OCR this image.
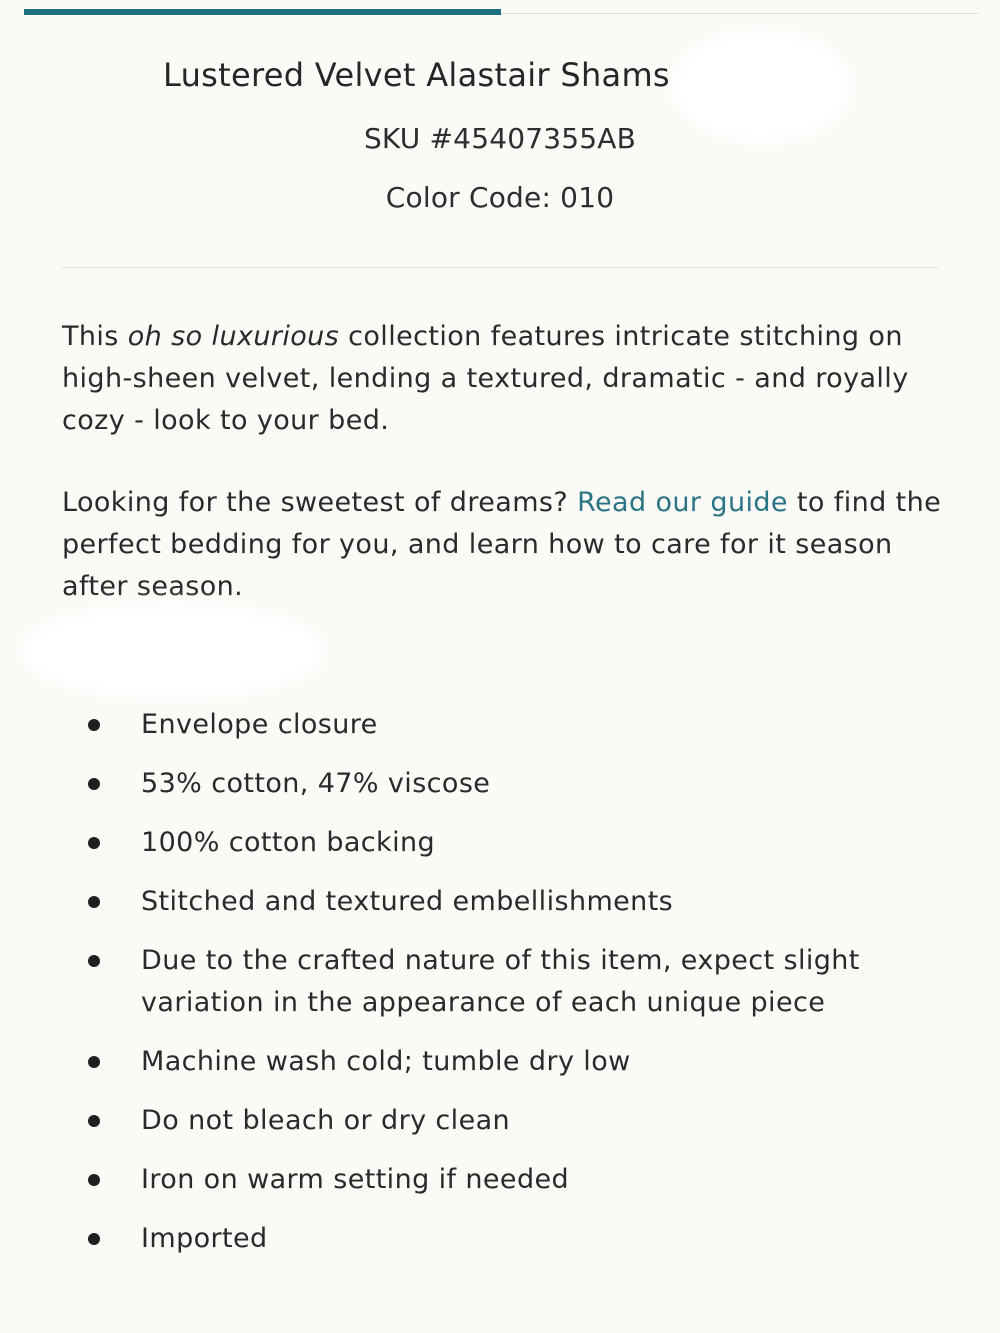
Lustered Velvet Alastair Shams

SKU #45407355AB

Color Code: 010

This oh so luxurious collection features intricate stitching on high-sheen velvet, lending a textured, dramatic - and royally cozy - look to your bed.

Looking for the sweetest of dreams? Read our guide to find the perfect bedding for you, and learn how to care for it season after season.

Envelope closure
53% cotton, 47% viscose
100% cotton backing
Stitched and textured embellishments
Due to the crafted nature of this item, expect slight variation in the appearance of each unique piece
Machine wash cold; tumble dry low
Do not bleach or dry clean
Iron on warm setting if needed
Imported
